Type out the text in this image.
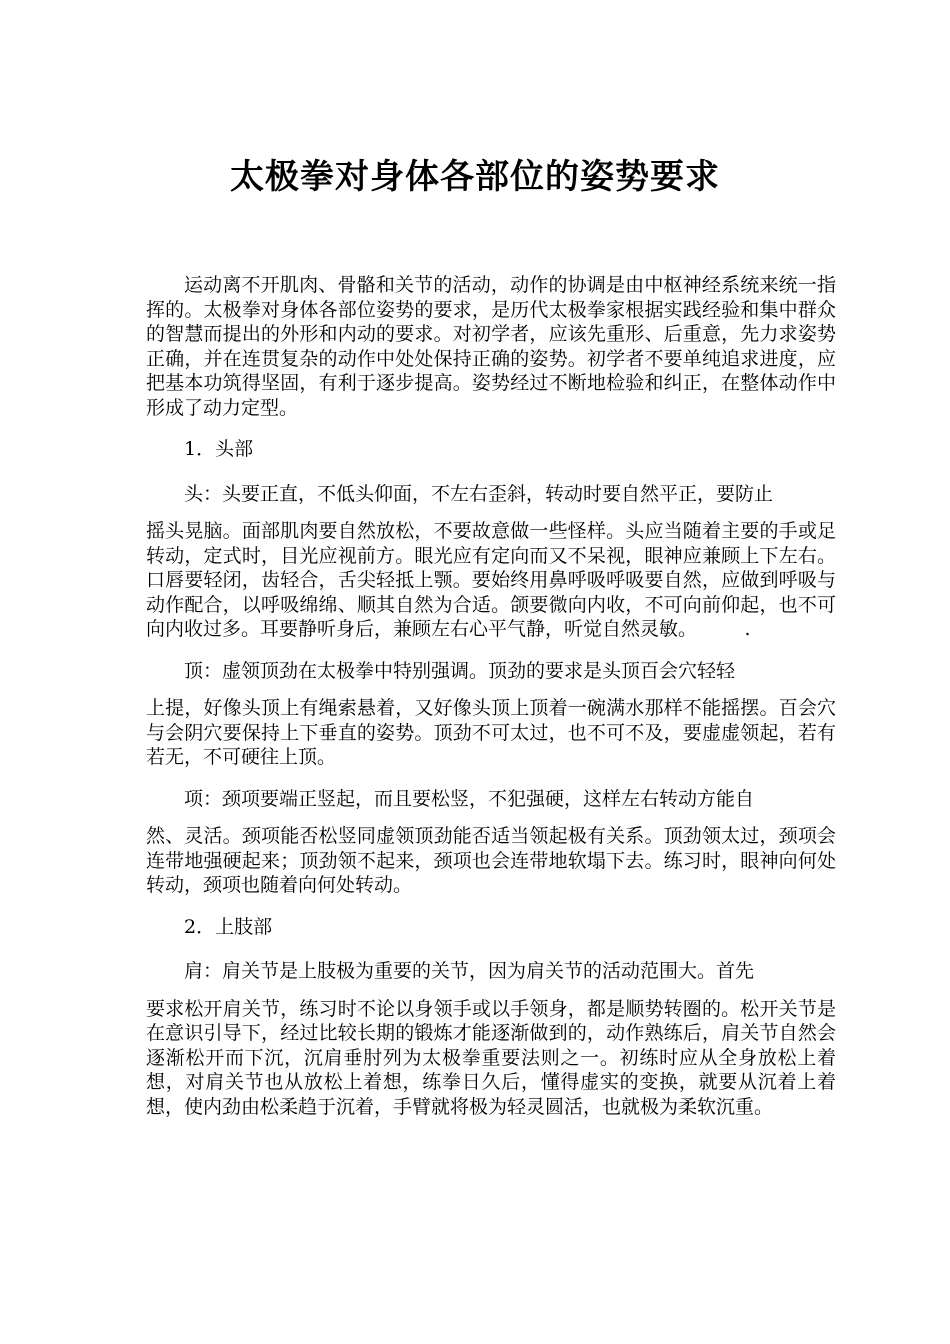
太极拳对身体各部位的姿势要求

运动离不开肌肉、骨骼和关节的活动，动作的协调是由中枢神经系统来统一指挥的。太极拳对身体各部位姿势的要求，是历代太极拳家根据实践经验和集中群众的智慧而提出的外形和内动的要求。对初学者，应该先重形、后重意，先力求姿势正确，并在连贯复杂的动作中处处保持正确的姿势。初学者不要单纯追求进度，应把基本功筑得坚固，有利于逐步提高。姿势经过不断地检验和纠正，在整体动作中形成了动力定型。

1．头部

头：头要正直，不低头仰面，不左右歪斜，转动时要自然平正，要防止
摇头晃脑。面部肌肉要自然放松，不要故意做一些怪样。头应当随着主要的手或足转动，定式时，目光应视前方。眼光应有定向而又不呆视，眼神应兼顾上下左右。口唇要轻闭，齿轻合，舌尖轻抵上颚。要始终用鼻呼吸呼吸要自然，应做到呼吸与动作配合，以呼吸绵绵、顺其自然为合适。颌要微向内收，不可向前仰起，也不可向内收过多。耳要静听身后，兼顾左右心平气静，听觉自然灵敏。　　　.

顶：虚领顶劲在太极拳中特别强调。顶劲的要求是头顶百会穴轻轻
上提，好像头顶上有绳索悬着，又好像头顶上顶着一碗满水那样不能摇摆。百会穴与会阴穴要保持上下垂直的姿势。顶劲不可太过，也不可不及，要虚虚领起，若有若无，不可硬往上顶。

项：颈项要端正竖起，而且要松竖，不犯强硬，这样左右转动方能自
然、灵活。颈项能否松竖同虚领顶劲能否适当领起极有关系。顶劲领太过，颈项会连带地强硬起来；顶劲领不起来，颈项也会连带地软塌下去。练习时，眼神向何处转动，颈项也随着向何处转动。

2．上肢部

肩：肩关节是上肢极为重要的关节，因为肩关节的活动范围大。首先
要求松开肩关节，练习时不论以身领手或以手领身，都是顺势转圈的。松开关节是在意识引导下，经过比较长期的锻炼才能逐渐做到的，动作熟练后，肩关节自然会逐渐松开而下沉，沉肩垂肘列为太极拳重要法则之一。初练时应从全身放松上着想，对肩关节也从放松上着想，练拳日久后，懂得虚实的变换，就要从沉着上着想，使内劲由松柔趋于沉着，手臂就将极为轻灵圆活，也就极为柔软沉重。
